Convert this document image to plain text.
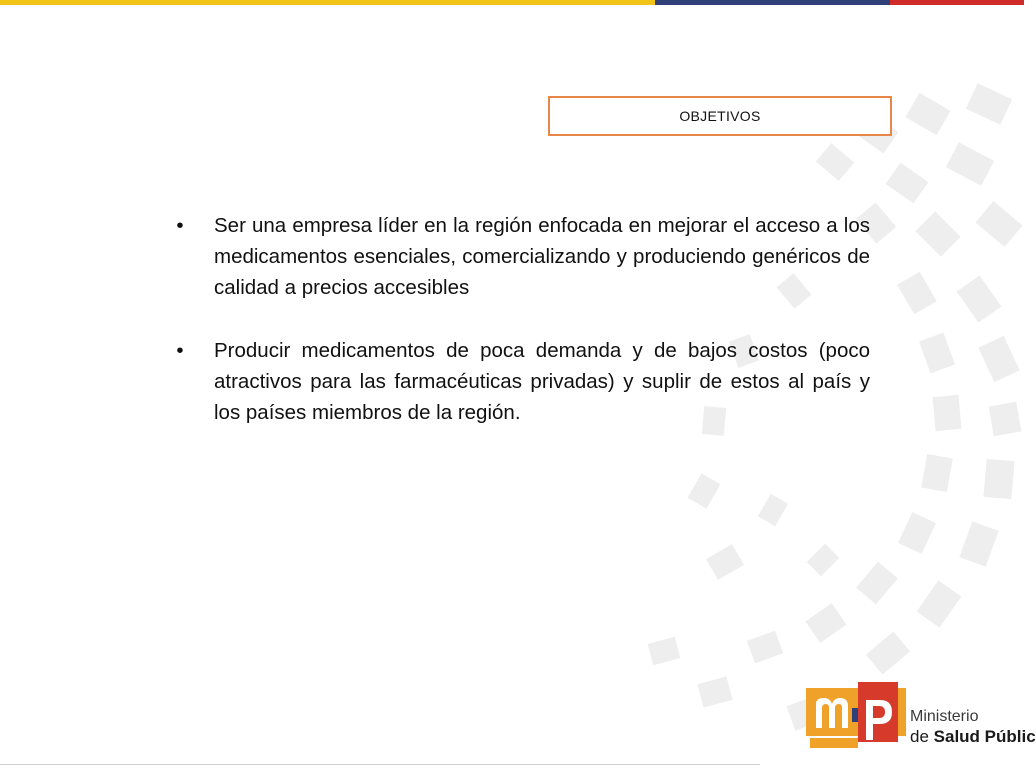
OBJETIVOS
•	Ser una empresa líder en la región enfocada en mejorar el acceso a los medicamentos esenciales, comercializando y produciendo genéricos de calidad a precios accesibles
•	Producir medicamentos de poca demanda y de bajos costos (poco atractivos para las farmacéuticas privadas) y suplir de estos al país y los países miembros de la región.
Ministerio
de Salud Públic
